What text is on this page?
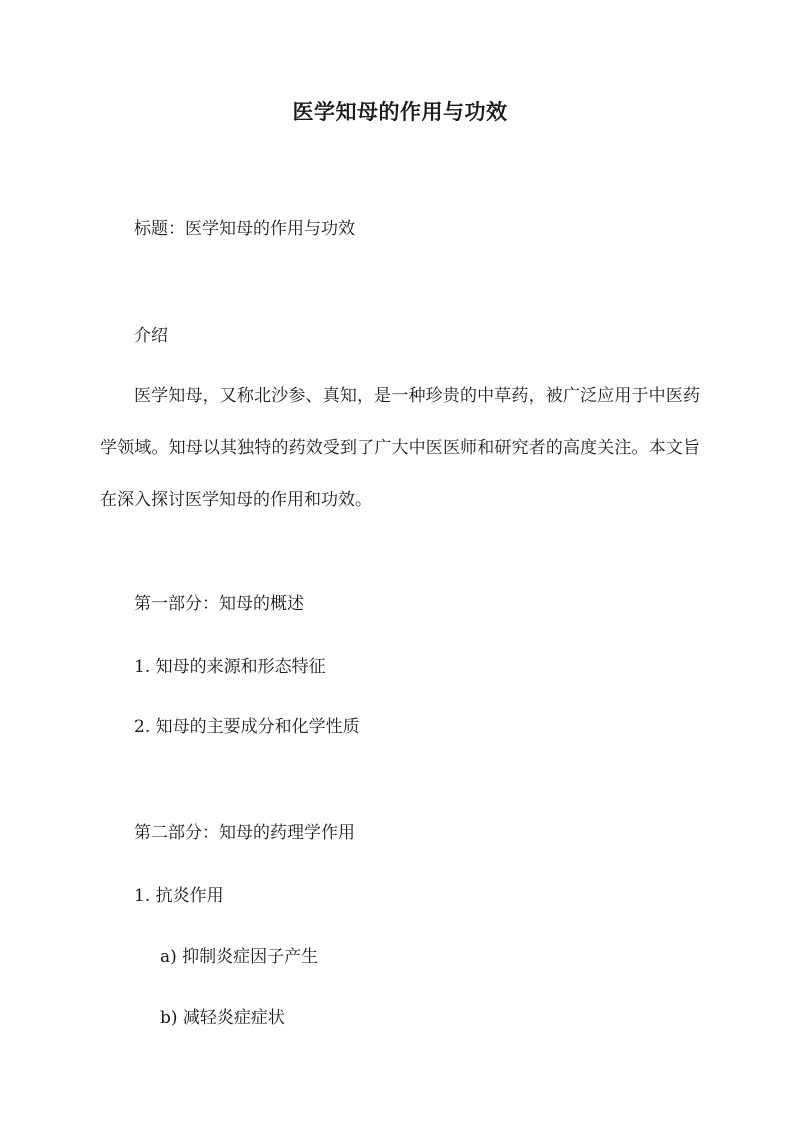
医学知母的作用与功效
标题：医学知母的作用与功效
介绍

医学知母，又称北沙参、真知，是一种珍贵的中草药，被广泛应用于中医药学领域。知母以其独特的药效受到了广大中医医师和研究者的高度关注。本文旨在深入探讨医学知母的作用和功效。

第一部分：知母的概述
1. 知母的来源和形态特征
2. 知母的主要成分和化学性质
第二部分：知母的药理学作用
1. 抗炎作用
a) 抑制炎症因子产生
b) 减轻炎症症状
